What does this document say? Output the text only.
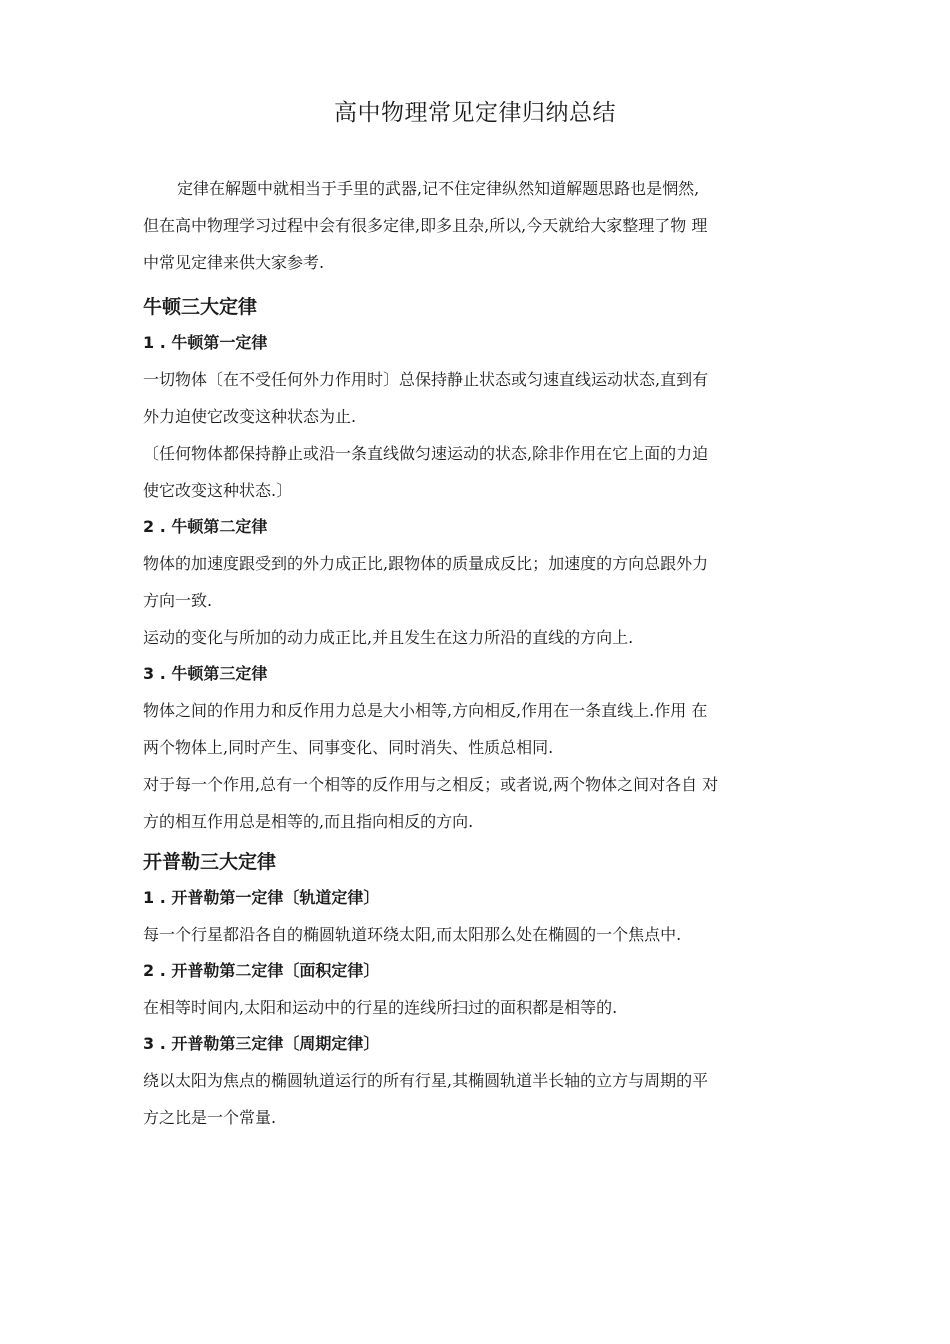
高中物理常见定律归纳总结

定律在解题中就相当于手里的武器,记不住定律纵然知道解题思路也是惘然,

但在高中物理学习过程中会有很多定律,即多且杂,所以,今天就给大家整理了物 理

中常见定律来供大家参考.

牛顿三大定律
1 . 牛顿第一定律

一切物体〔在不受任何外力作用时〕总保持静止状态或匀速直线运动状态,直到有

外力迫使它改变这种状态为止.

〔任何物体都保持静止或沿一条直线做匀速运动的状态,除非作用在它上面的力迫

使它改变这种状态.〕

2 . 牛顿第二定律

物体的加速度跟受到的外力成正比,跟物体的质量成反比；加速度的方向总跟外力

方向一致.

运动的变化与所加的动力成正比,并且发生在这力所沿的直线的方向上.

3 . 牛顿第三定律

物体之间的作用力和反作用力总是大小相等,方向相反,作用在一条直线上.作用 在

两个物体上,同时产生、同事变化、同时消失、性质总相同.

对于每一个作用,总有一个相等的反作用与之相反；或者说,两个物体之间对各自 对

方的相互作用总是相等的,而且指向相反的方向.

开普勒三大定律
1 . 开普勒第一定律〔轨道定律〕

每一个行星都沿各自的椭圆轨道环绕太阳,而太阳那么处在椭圆的一个焦点中.

2 . 开普勒第二定律〔面积定律〕

在相等时间内,太阳和运动中的行星的连线所扫过的面积都是相等的.

3 . 开普勒第三定律〔周期定律〕

绕以太阳为焦点的椭圆轨道运行的所有行星,其椭圆轨道半长轴的立方与周期的平

方之比是一个常量.
